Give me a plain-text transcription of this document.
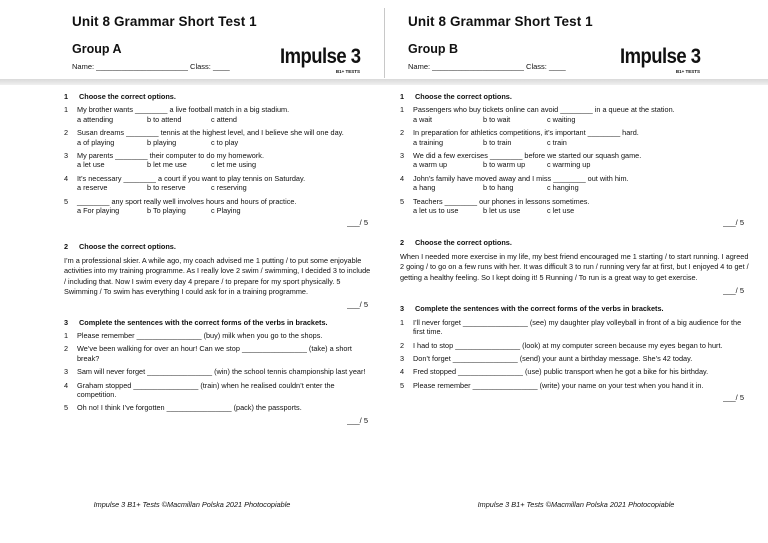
Unit 8 Grammar Short Test 1
Group A
Name: ______________________ Class: ____	Impulse 3
B1+ TESTS
1 Choose the correct options.
1	My brother wants ________ a live football match in a big stadium.
a attending	b to attend	c attend
2	Susan dreams ________ tennis at the highest level, and I believe she will one day.
a of playing	b playing	c to play
3	My parents ________ their computer to do my homework.
a let use	b let me use	c let me using
4	It’s necessary ________ a court if you want to play tennis on Saturday.
a reserve	b to reserve	c reserving
5	________ any sport really well involves hours and hours of practice.
a For playing	b To playing	c Playing
___/ 5
2 Choose the correct options.
I’m a professional skier. A while ago, my coach advised me 1 putting / to put some enjoyable activities into my training programme. As I really love 2 swim / swimming, I decided 3 to include / including that. Now I swim every day 4 prepare / to prepare for my sport physically. 5 Swimming / To swim has everything I could ask for in a training programme.
___/ 5
3 Complete the sentences with the correct forms of the verbs in brackets.
1	Please remember ________________ (buy) milk when you go to the shops.
2	We’ve been walking for over an hour! Can we stop ________________ (take) a short break?
3	Sam will never forget ________________ (win) the school tennis championship last year!
4	Graham stopped ________________ (train) when he realised couldn’t enter the competition.
5	Oh no! I think I’ve forgotten ________________ (pack) the passports.
___/ 5
Impulse 3 B1+ Tests ©Macmillan Polska 2021 Photocopiable
Unit 8 Grammar Short Test 1
Group B
Name: ______________________ Class: ____	Impulse 3
B1+ TESTS
1 Choose the correct options.
1	Passengers who buy tickets online can avoid ________ in a queue at the station.
a wait	b to wait	c waiting
2	In preparation for athletics competitions, it’s important ________ hard.
a training	b to train	c train
3	We did a few exercises ________ before we started our squash game.
a warm up	b to warm up	c warming up
4	John’s family have moved away and I miss ________ out with him.
a hang	b to hang	c hanging
5	Teachers ________ our phones in lessons sometimes.
a let us to use	b let us use	c let use
___/ 5
2 Choose the correct options.
When I needed more exercise in my life, my best friend encouraged me 1 starting / to start running. I agreed 2 going / to go on a few runs with her. It was difficult 3 to run / running very far at first, but I enjoyed 4 to get / getting a healthy feeling. So I kept doing it! 5 Running / To run is a great way to get exercise.
___/ 5
3 Complete the sentences with the correct forms of the verbs in brackets.
1	I’ll never forget ________________ (see) my daughter play volleyball in front of a big audience for the first time.
2	I had to stop ________________ (look) at my computer screen because my eyes began to hurt.
3	Don’t forget ________________ (send) your aunt a birthday message. She’s 42 today.
4	Fred stopped ________________ (use) public transport when he got a bike for his birthday.
5	Please remember ________________ (write) your name on your test when you hand it in.
___/ 5
Impulse 3 B1+ Tests ©Macmillan Polska 2021 Photocopiable
